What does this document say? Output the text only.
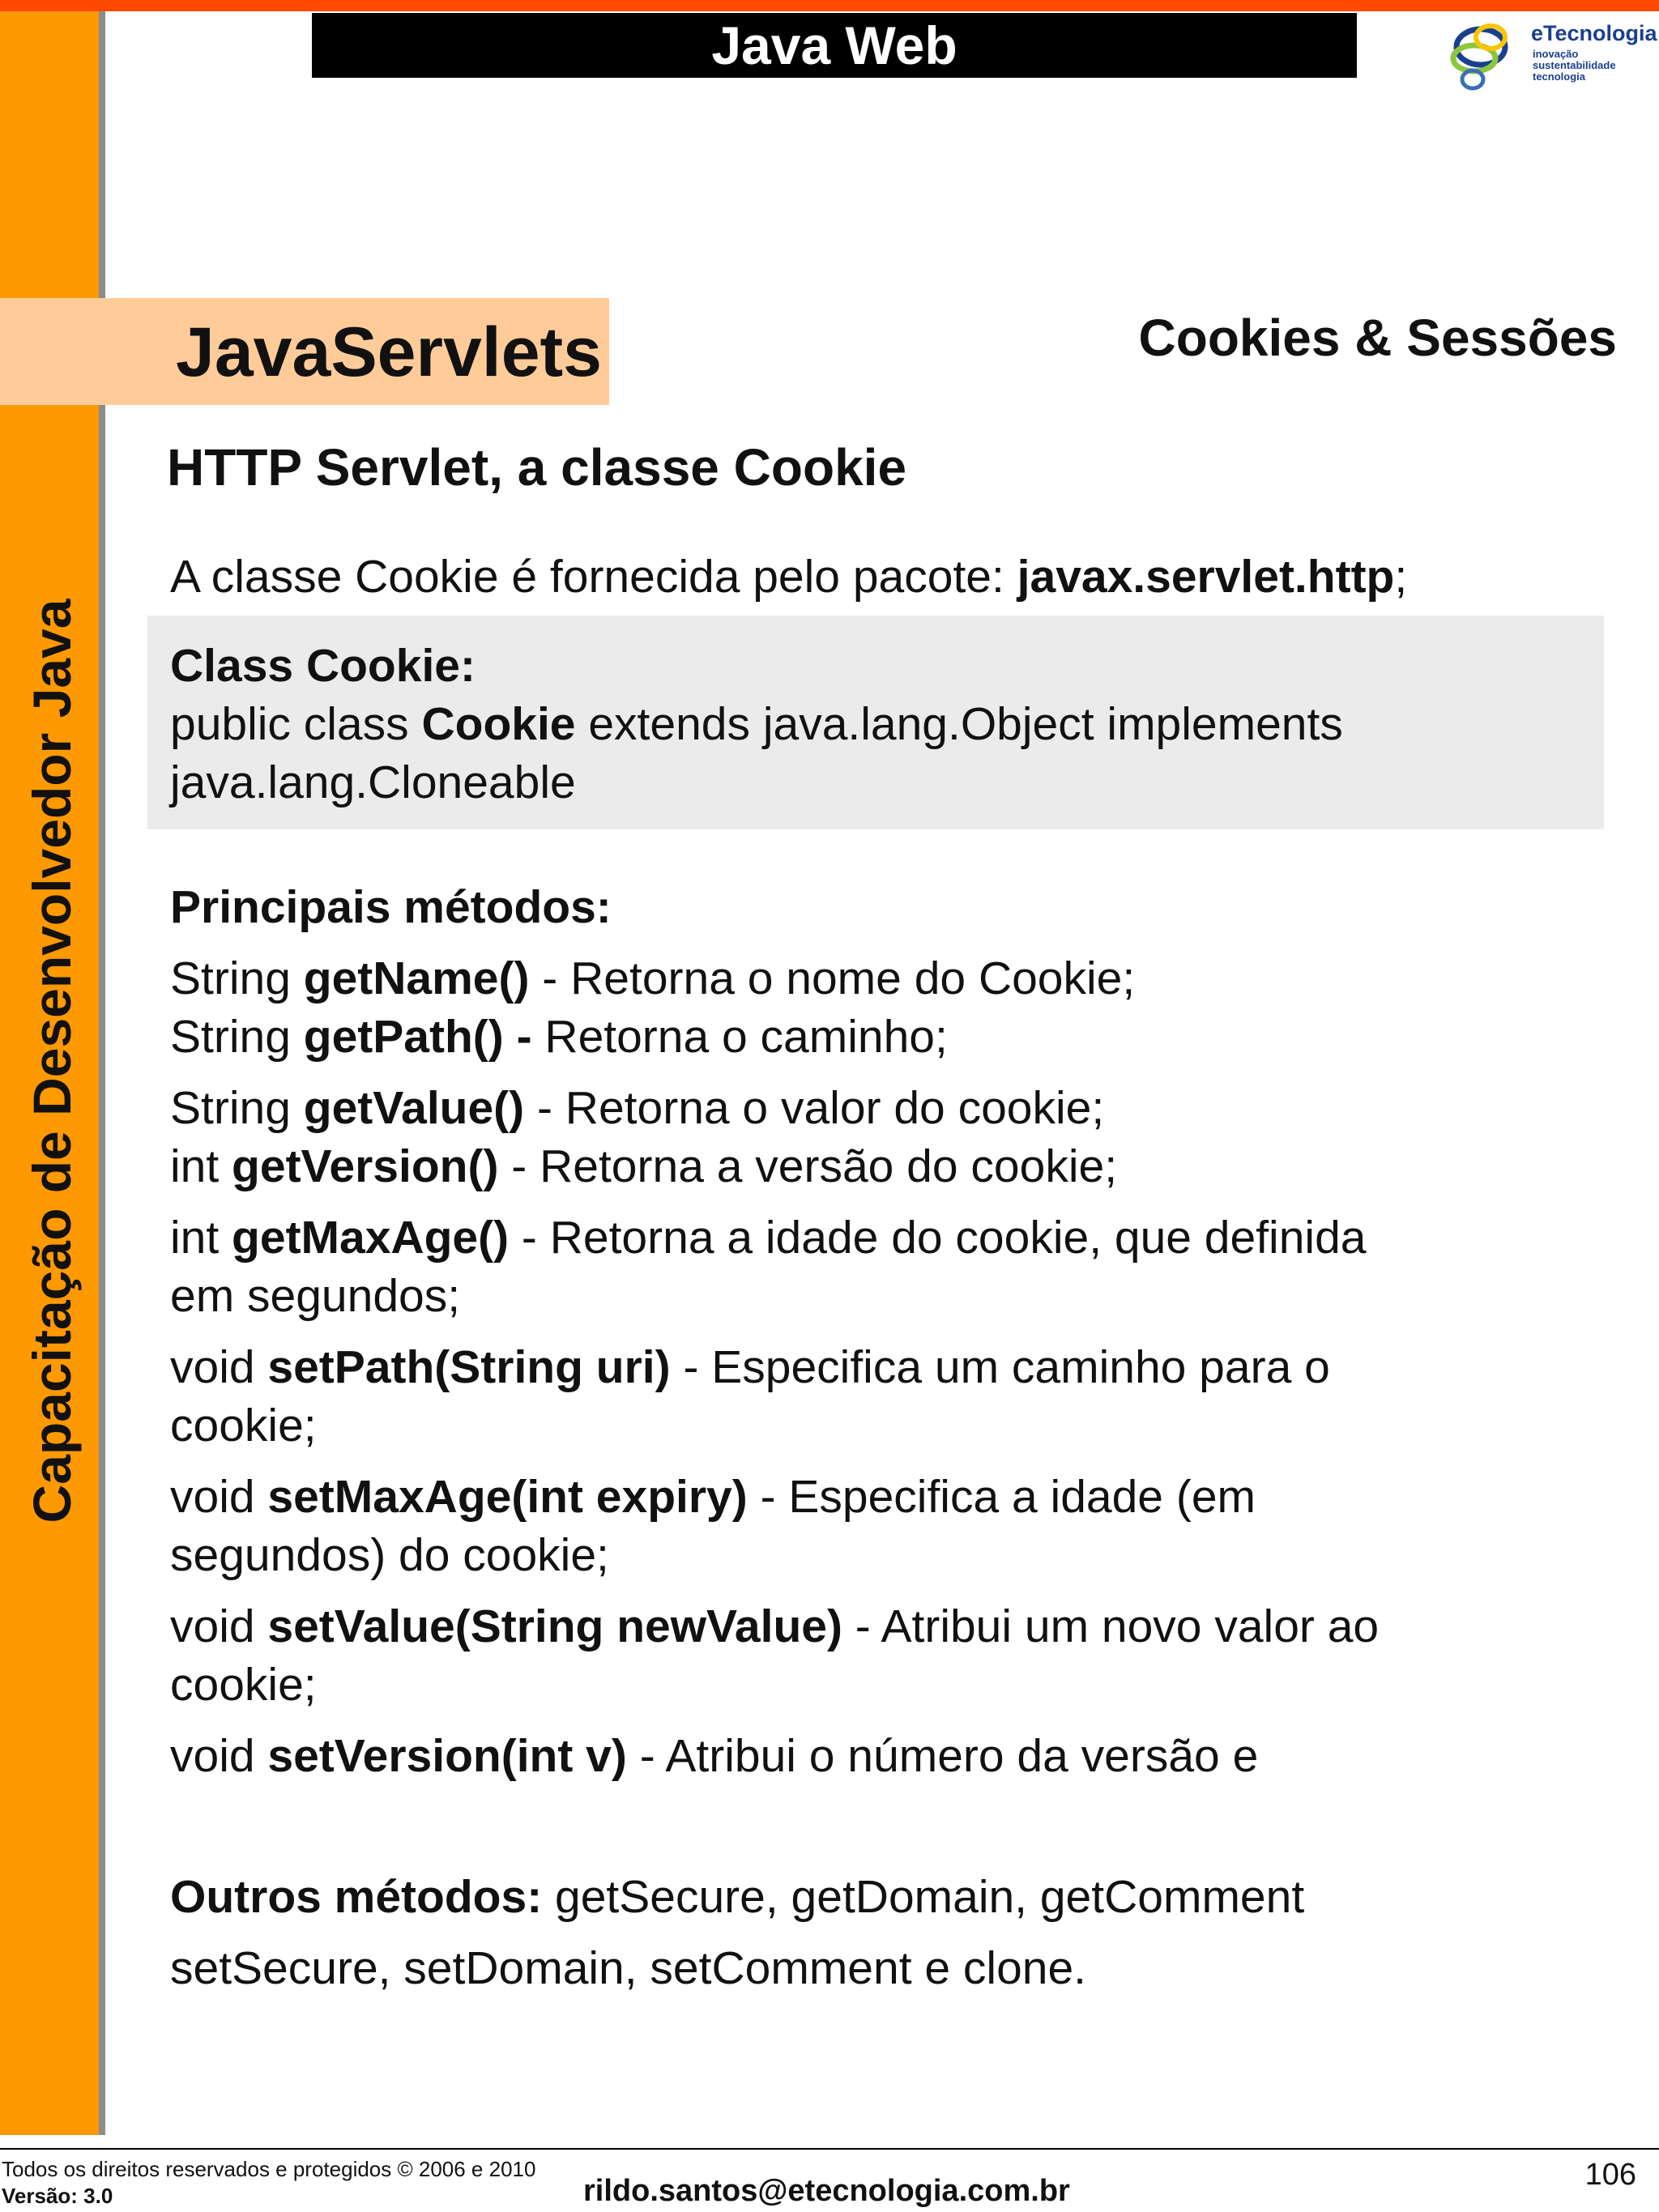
Capacitação de Desenvolvedor Java
Java Web	eTecnologia
inovação
sustentabilidade
tecnologia
JavaServlets	Cookies & Sessões
HTTP Servlet, a classe Cookie
A classe Cookie é fornecida pelo pacote: javax.servlet.http;
Class Cookie:
public class Cookie extends java.lang.Object implements
java.lang.Cloneable
Principais métodos:
String getName() - Retorna o nome do Cookie;
String getPath() - Retorna o caminho;
String getValue() - Retorna o valor do cookie;
int getVersion() - Retorna a versão do cookie;
int getMaxAge() - Retorna a idade do cookie, que definida
em segundos;
void setPath(String uri) - Especifica um caminho para o
cookie;
void setMaxAge(int expiry) - Especifica a idade (em
segundos) do cookie;
void setValue(String newValue) - Atribui um novo valor ao
cookie;
void setVersion(int v) - Atribui o número da versão e
Outros métodos: getSecure, getDomain, getComment
setSecure, setDomain, setComment e clone.
Todos os direitos reservados e protegidos © 2006 e 2010
Versão: 3.0	rildo.santos@etecnologia.com.br	106
